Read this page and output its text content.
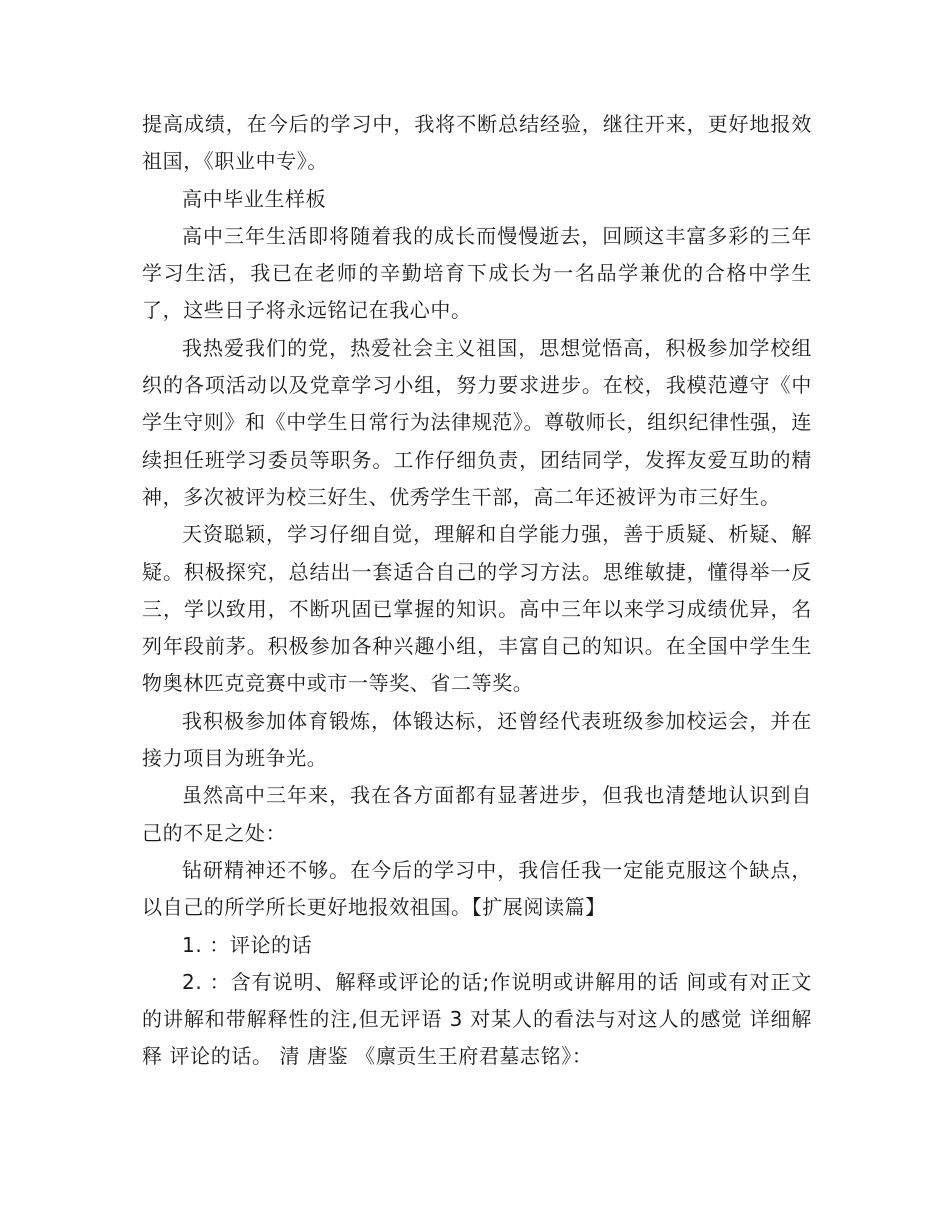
提高成绩，在今后的学习中，我将不断总结经验，继往开来，更好地报效祖国，《职业中专》。

高中毕业生样板

高中三年生活即将随着我的成长而慢慢逝去，回顾这丰富多彩的三年学习生活，我已在老师的辛勤培育下成长为一名品学兼优的合格中学生了，这些日子将永远铭记在我心中。

我热爱我们的党，热爱社会主义祖国，思想觉悟高，积极参加学校组织的各项活动以及党章学习小组，努力要求进步。在校，我模范遵守《中学生守则》和《中学生日常行为法律规范》。尊敬师长，组织纪律性强，连续担任班学习委员等职务。工作仔细负责，团结同学，发挥友爱互助的精神，多次被评为校三好生、优秀学生干部，高二年还被评为市三好生。

天资聪颖，学习仔细自觉，理解和自学能力强，善于质疑、析疑、解疑。积极探究，总结出一套适合自己的学习方法。思维敏捷，懂得举一反三，学以致用，不断巩固已掌握的知识。高中三年以来学习成绩优异，名列年段前茅。积极参加各种兴趣小组，丰富自己的知识。在全国中学生生物奥林匹克竞赛中或市一等奖、省二等奖。

我积极参加体育锻炼，体锻达标，还曾经代表班级参加校运会，并在接力项目为班争光。

虽然高中三年来，我在各方面都有显著进步，但我也清楚地认识到自己的不足之处：

钻研精神还不够。在今后的学习中，我信任我一定能克服这个缺点，以自己的所学所长更好地报效祖国。【扩展阅读篇】

1. ：评论的话

2. ：含有说明、解释或评论的话;作说明或讲解用的话 间或有对正文的讲解和带解释性的注,但无评语 3 对某人的看法与对这人的感觉 详细解释 评论的话。 清 唐鉴 《廪贡生王府君墓志铭》：
